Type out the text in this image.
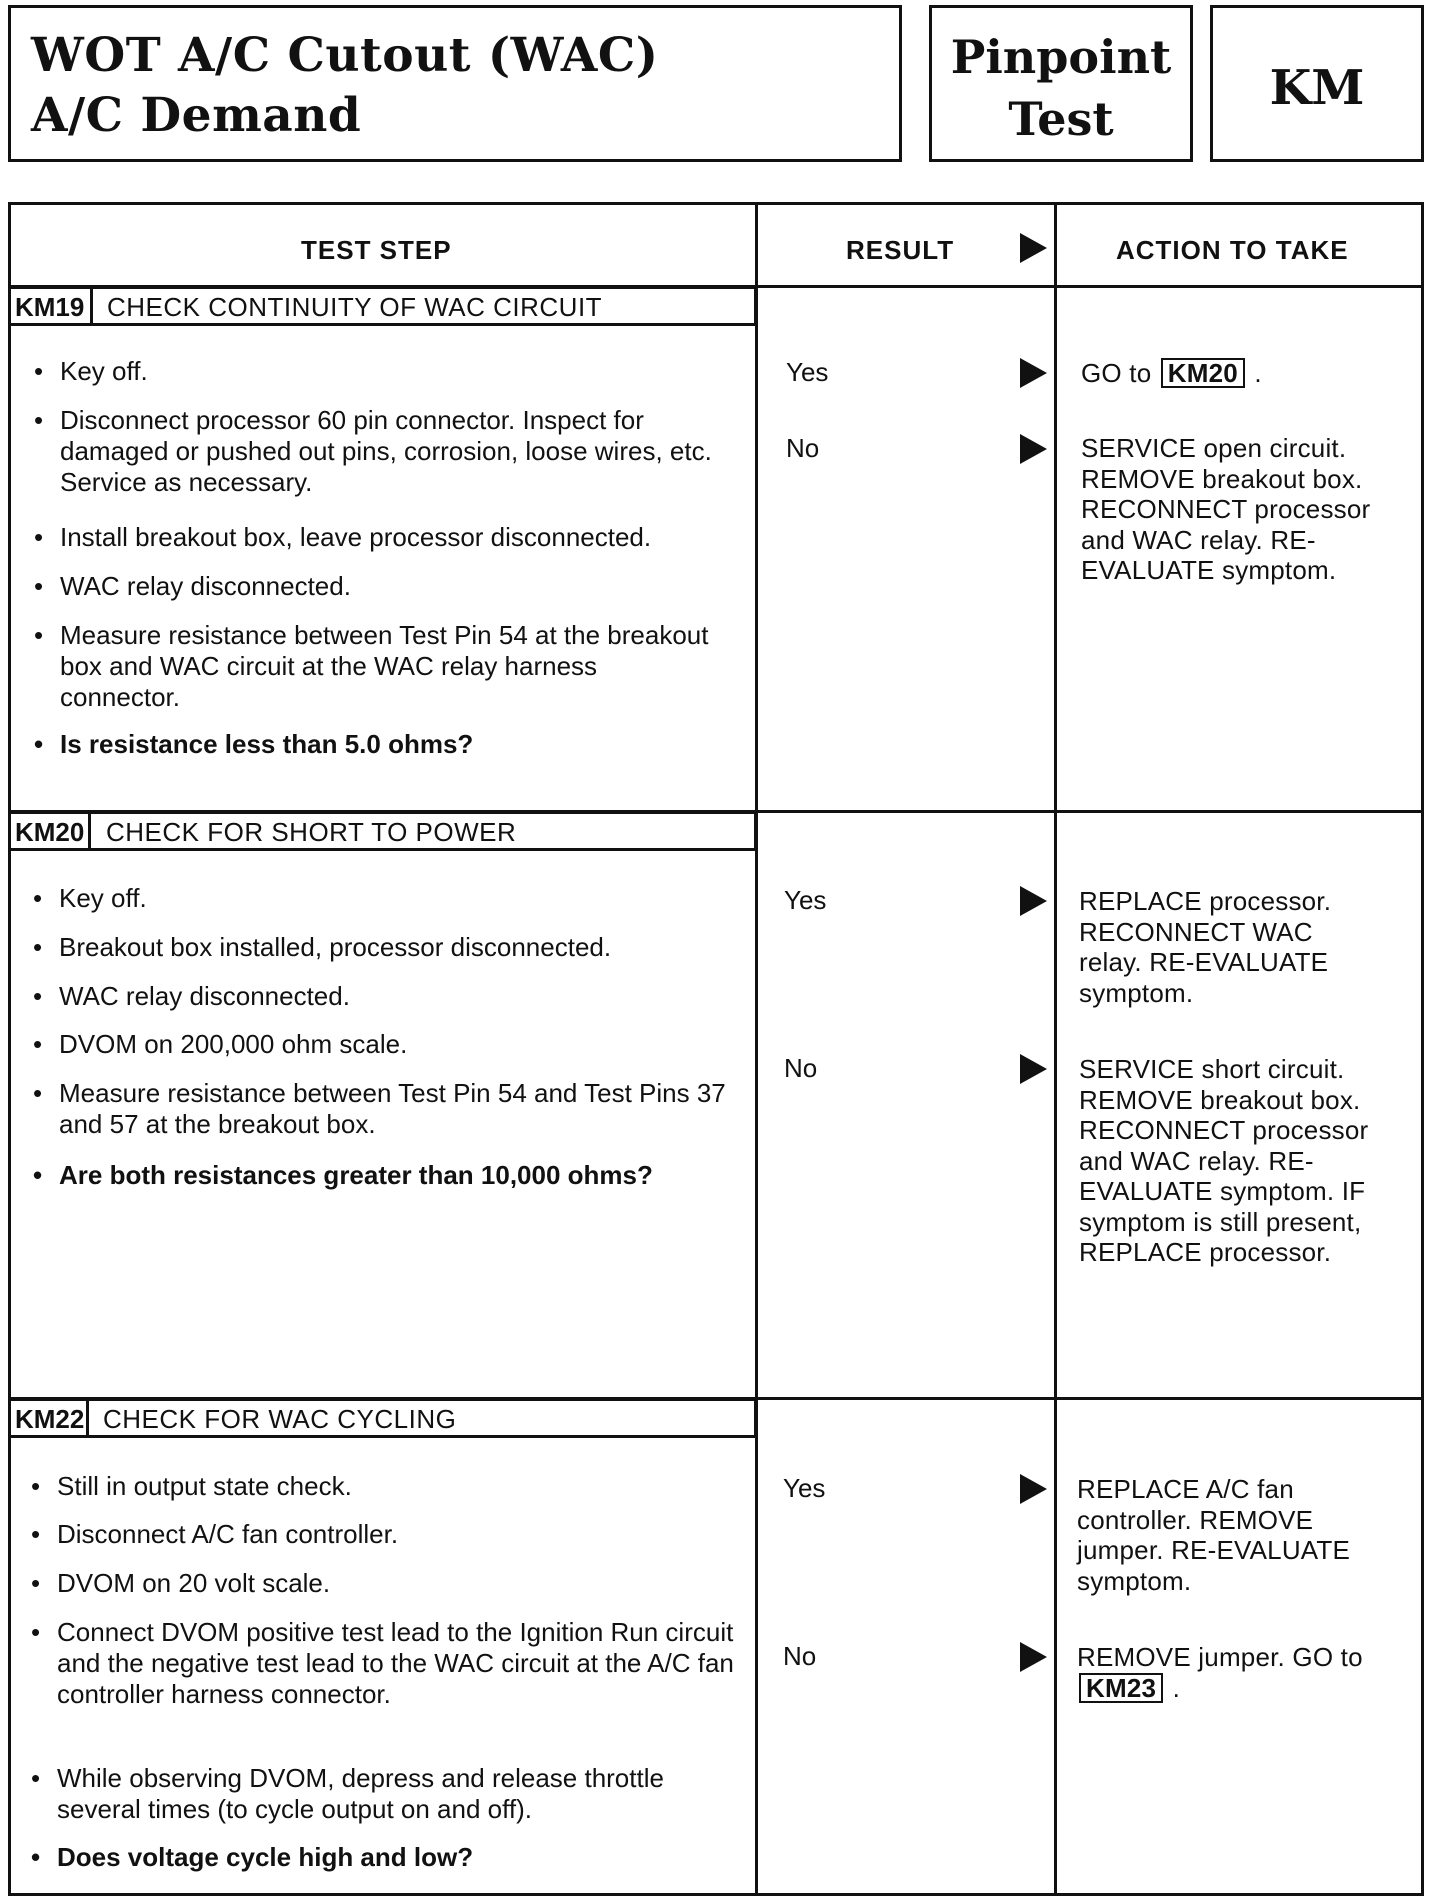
WOT A/C Cutout (WAC)
A/C Demand
Pinpoint
Test
KM
TEST STEP	RESULT	ACTION TO TAKE
KM19 CHECK CONTINUITY OF WAC CIRCUIT
• Key off.
• Disconnect processor 60 pin connector. Inspect for damaged or pushed out pins, corrosion, loose wires, etc. Service as necessary.
• Install breakout box, leave processor disconnected.
• WAC relay disconnected.
• Measure resistance between Test Pin 54 at the breakout box and WAC circuit at the WAC relay harness connector.
• Is resistance less than 5.0 ohms?
Yes	GO to KM20 .
No	SERVICE open circuit. REMOVE breakout box. RECONNECT processor and WAC relay. RE-EVALUATE symptom.
KM20 CHECK FOR SHORT TO POWER
• Key off.
• Breakout box installed, processor disconnected.
• WAC relay disconnected.
• DVOM on 200,000 ohm scale.
• Measure resistance between Test Pin 54 and Test Pins 37 and 57 at the breakout box.
• Are both resistances greater than 10,000 ohms?
Yes	REPLACE processor. RECONNECT WAC relay. RE-EVALUATE symptom.
No	SERVICE short circuit. REMOVE breakout box. RECONNECT processor and WAC relay. RE-EVALUATE symptom. IF symptom is still present, REPLACE processor.
KM22 CHECK FOR WAC CYCLING
• Still in output state check.
• Disconnect A/C fan controller.
• DVOM on 20 volt scale.
• Connect DVOM positive test lead to the Ignition Run circuit and the negative test lead to the WAC circuit at the A/C fan controller harness connector.
• While observing DVOM, depress and release throttle several times (to cycle output on and off).
• Does voltage cycle high and low?
Yes	REPLACE A/C fan controller. REMOVE jumper. RE-EVALUATE symptom.
No	REMOVE jumper. GO to KM23 .
